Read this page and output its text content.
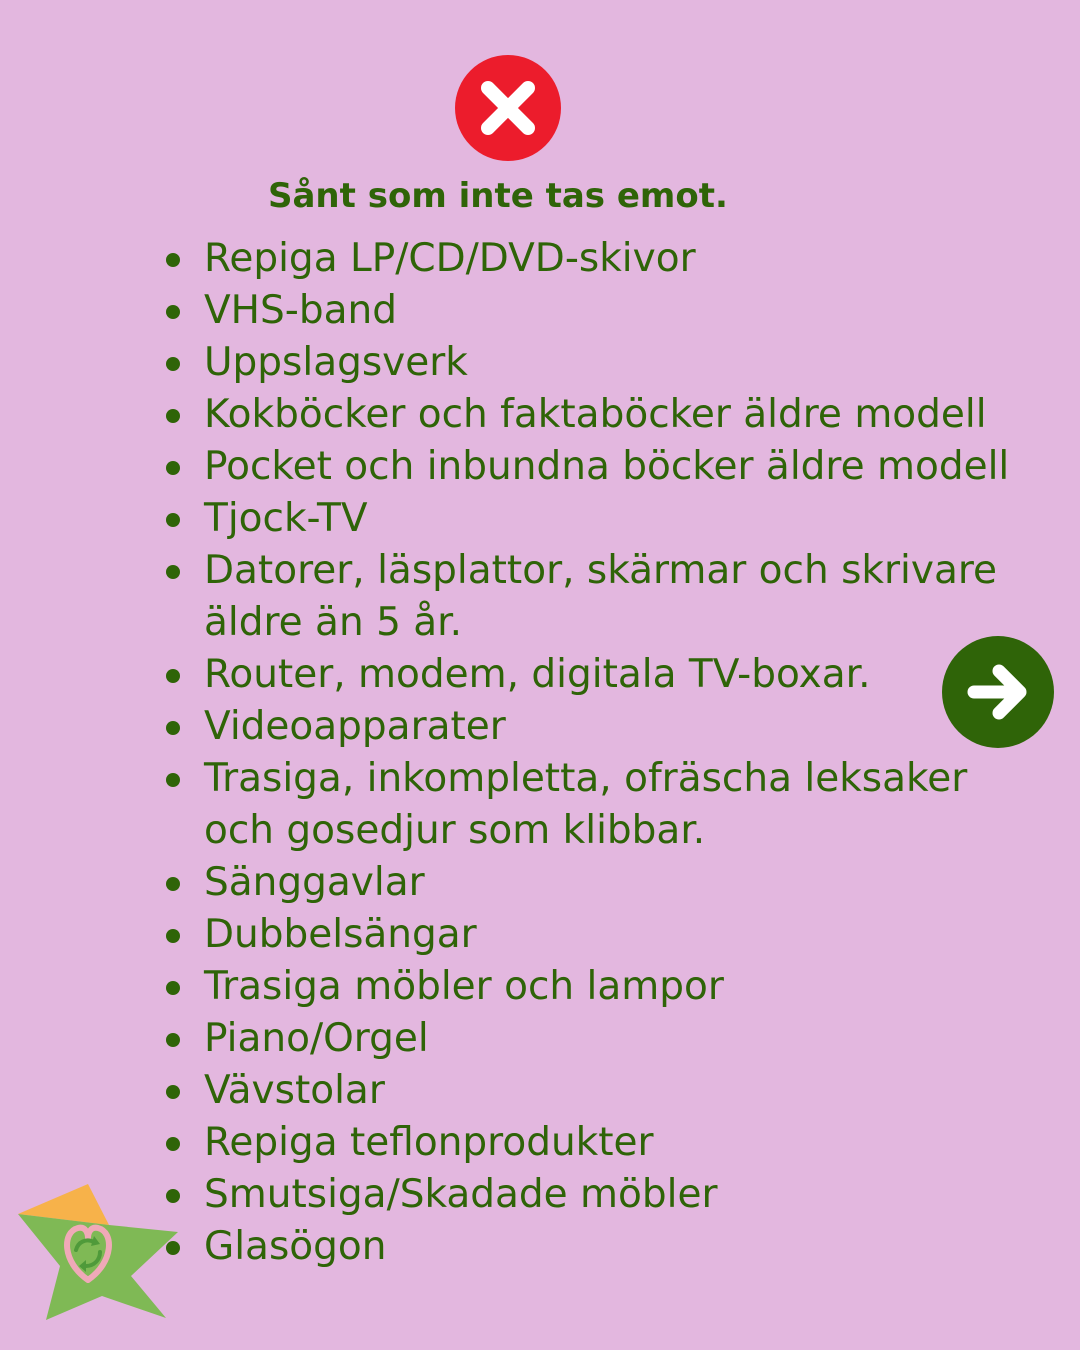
Sånt som inte tas emot.
Repiga LP/CD/DVD-skivor
VHS-band
Uppslagsverk
Kokböcker och faktaböcker äldre modell
Pocket och inbundna böcker äldre modell
Tjock-TV
Datorer, läsplattor, skärmar och skrivare äldre än 5 år.
Router, modem, digitala TV-boxar.
Videoapparater
Trasiga, inkompletta, ofräscha leksaker och gosedjur som klibbar.
Sänggavlar
Dubbelsängar
Trasiga möbler och lampor
Piano/Orgel
Vävstolar
Repiga teflonprodukter
Smutsiga/Skadade möbler
Glasögon
